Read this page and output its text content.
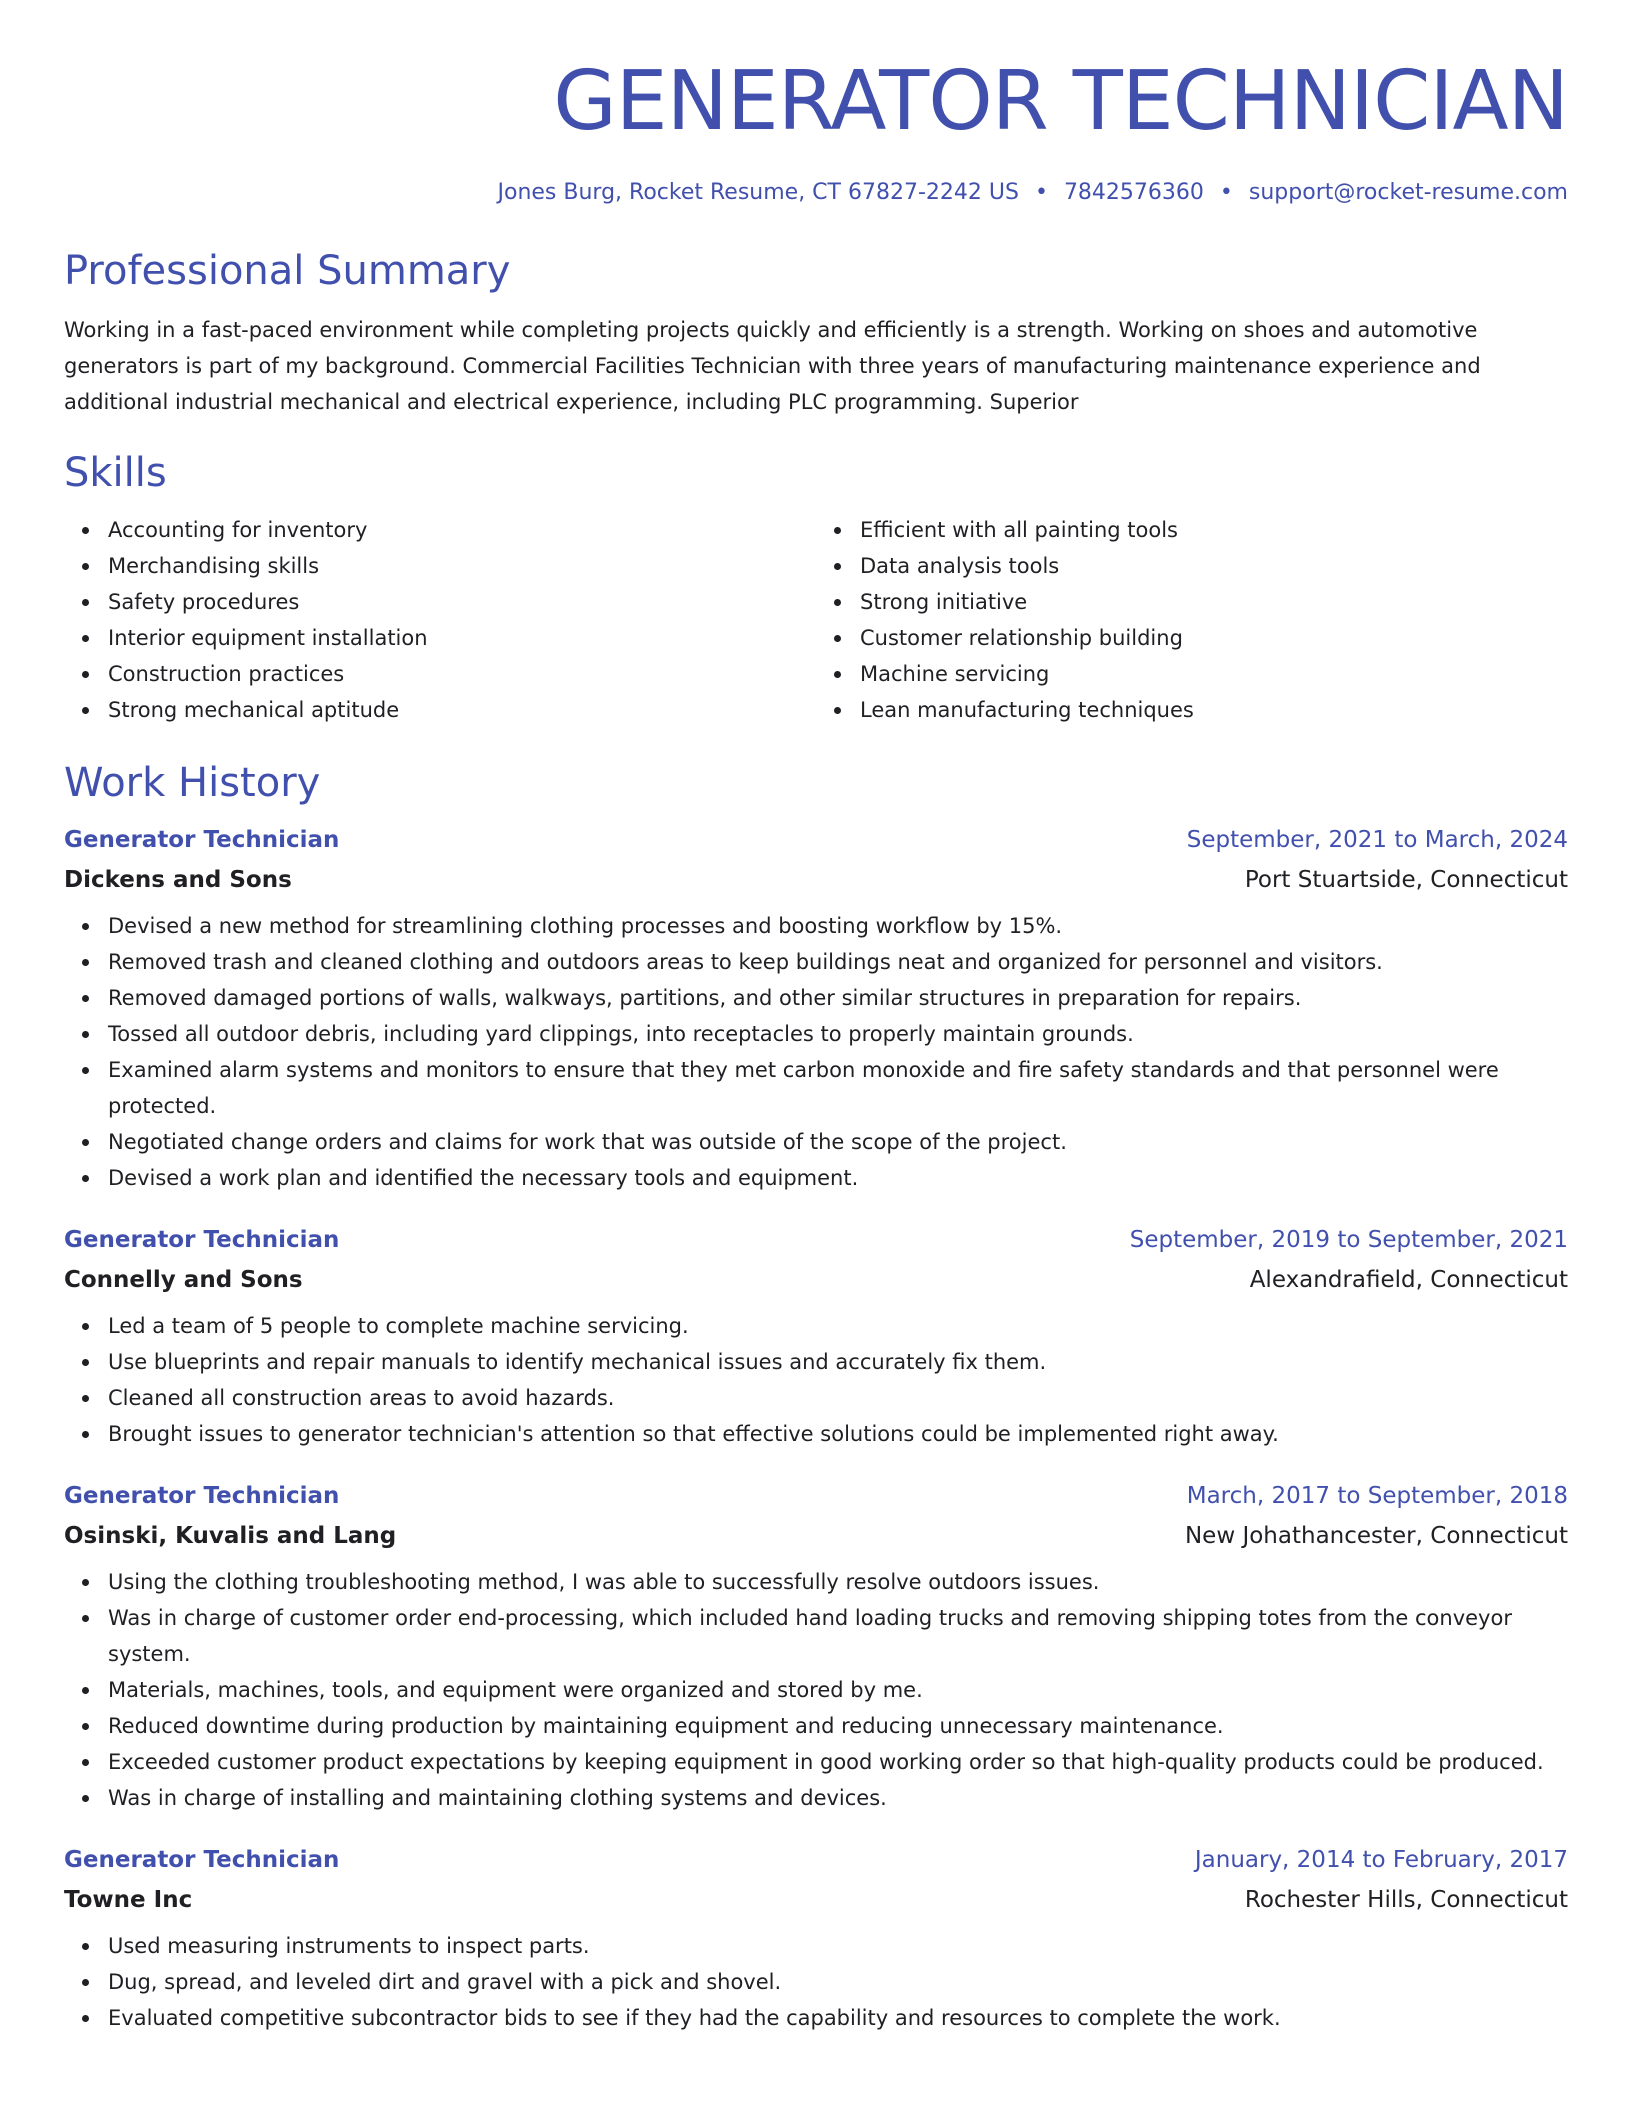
GENERATOR TECHNICIAN
Jones Burg, Rocket Resume, CT 67827-2242 US • 7842576360 • support@rocket-resume.com
Professional Summary
Working in a fast-paced environment while completing projects quickly and efficiently is a strength. Working on shoes and automotive generators is part of my background. Commercial Facilities Technician with three years of manufacturing maintenance experience and additional industrial mechanical and electrical experience, including PLC programming. Superior
Skills
Accounting for inventory
Merchandising skills
Safety procedures
Interior equipment installation
Construction practices
Strong mechanical aptitude
Efficient with all painting tools
Data analysis tools
Strong initiative
Customer relationship building
Machine servicing
Lean manufacturing techniques
Work History
Generator Technician	September, 2021 to March, 2024
Dickens and Sons	Port Stuartside, Connecticut
Devised a new method for streamlining clothing processes and boosting workflow by 15%.
Removed trash and cleaned clothing and outdoors areas to keep buildings neat and organized for personnel and visitors.
Removed damaged portions of walls, walkways, partitions, and other similar structures in preparation for repairs.
Tossed all outdoor debris, including yard clippings, into receptacles to properly maintain grounds.
Examined alarm systems and monitors to ensure that they met carbon monoxide and fire safety standards and that personnel were protected.
Negotiated change orders and claims for work that was outside of the scope of the project.
Devised a work plan and identified the necessary tools and equipment.
Generator Technician	September, 2019 to September, 2021
Connelly and Sons	Alexandrafield, Connecticut
Led a team of 5 people to complete machine servicing.
Use blueprints and repair manuals to identify mechanical issues and accurately fix them.
Cleaned all construction areas to avoid hazards.
Brought issues to generator technician's attention so that effective solutions could be implemented right away.
Generator Technician	March, 2017 to September, 2018
Osinski, Kuvalis and Lang	New Johathancester, Connecticut
Using the clothing troubleshooting method, I was able to successfully resolve outdoors issues.
Was in charge of customer order end-processing, which included hand loading trucks and removing shipping totes from the conveyor system.
Materials, machines, tools, and equipment were organized and stored by me.
Reduced downtime during production by maintaining equipment and reducing unnecessary maintenance.
Exceeded customer product expectations by keeping equipment in good working order so that high-quality products could be produced.
Was in charge of installing and maintaining clothing systems and devices.
Generator Technician	January, 2014 to February, 2017
Towne Inc	Rochester Hills, Connecticut
Used measuring instruments to inspect parts.
Dug, spread, and leveled dirt and gravel with a pick and shovel.
Evaluated competitive subcontractor bids to see if they had the capability and resources to complete the work.
